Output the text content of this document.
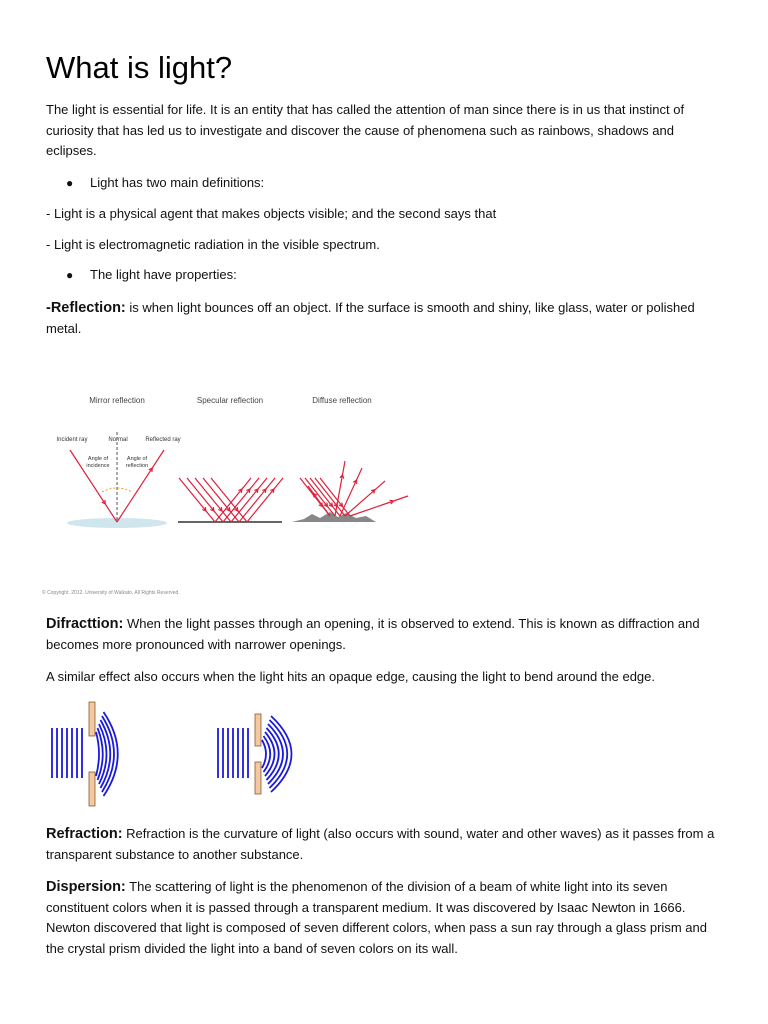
What is light?

The light is essential for life. It is an entity that has called the attention of man since there is in us that instinct of curiosity that has led us to investigate and discover the cause of phenomena such as rainbows, shadows and eclipses.

● Light has two main definitions:

- Light is a physical agent that makes objects visible; and the second says that

- Light is electromagnetic radiation in the visible spectrum.

● The light have properties:

-Reflection: is when light bounces off an object. If the surface is smooth and shiny, like glass, water or polished metal.

Mirror reflection	Specular reflection	Diffuse reflection
Incident ray	Normal	Reflected ray
Angle of
incidence
Angle of
reflection
© Copyright. 2012. University of Waikato. All Rights Reserved.

Difracttion: When the light passes through an opening, it is observed to extend. This is known as diffraction and becomes more pronounced with narrower openings.

A similar effect also occurs when the light hits an opaque edge, causing the light to bend around the edge.

Refraction: Refraction is the curvature of light (also occurs with sound, water and other waves) as it passes from a transparent substance to another substance.

Dispersion: The scattering of light is the phenomenon of the division of a beam of white light into its seven constituent colors when it is passed through a transparent medium. It was discovered by Isaac Newton in 1666. Newton discovered that light is composed of seven different colors, when pass a sun ray through a glass prism and the crystal prism divided the light into a band of seven colors on its wall.
